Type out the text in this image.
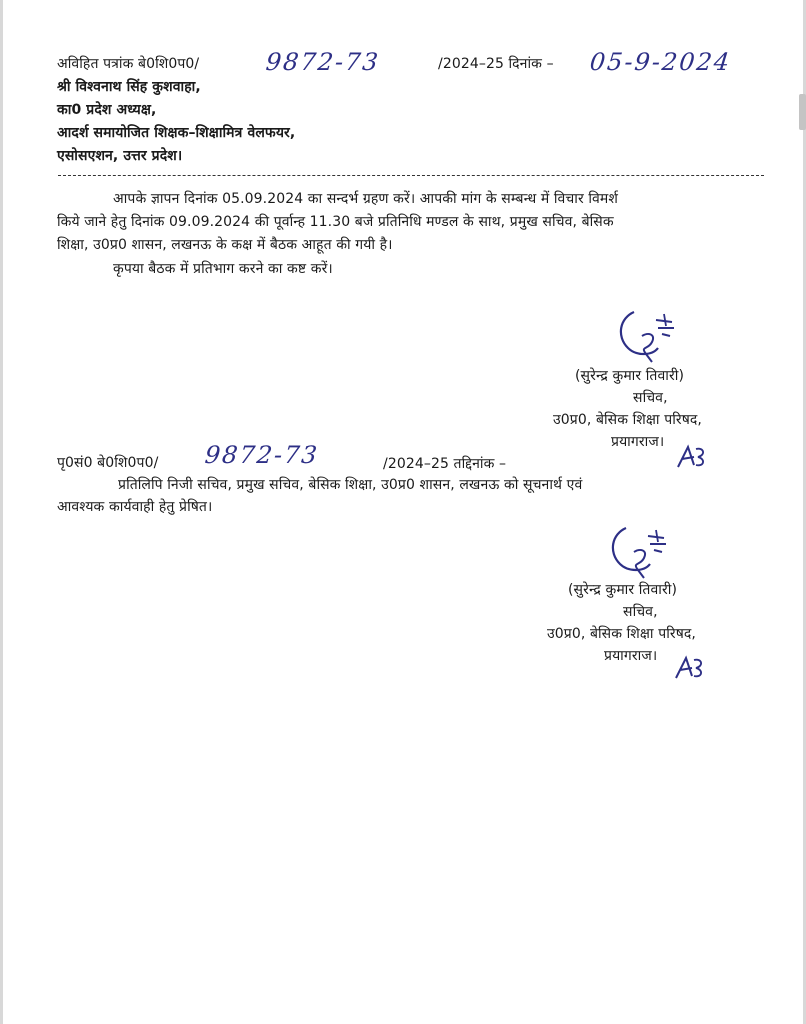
अविहित पत्रांक बे0शि0प0/	9872-73	/2024–25 दिनांक – 05-9-2024
श्री विश्वनाथ सिंह कुशवाहा,
का0 प्रदेश अध्यक्ष,
आदर्श समायोजित शिक्षक–शिक्षामित्र वेलफयर,
एसोसएशन, उत्तर प्रदेश।
आपके ज्ञापन दिनांक 05.09.2024 का सन्दर्भ ग्रहण करें। आपकी मांग के सम्बन्ध में विचार विमर्श
किये जाने हेतु दिनांक 09.09.2024 की पूर्वान्ह 11.30 बजे प्रतिनिधि मण्डल के साथ, प्रमुख सचिव, बेसिक
शिक्षा, उ0प्र0 शासन, लखनऊ के कक्ष में बैठक आहूत की गयी है।
कृपया बैठक में प्रतिभाग करने का कष्ट करें।
(सुरेन्द्र कुमार तिवारी)
सचिव,
उ0प्र0, बेसिक शिक्षा परिषद,
प्रयागराज।
पृ0सं0 बे0शि0प0/ 9872-73	/2024–25 तद्दिनांक –
प्रतिलिपि निजी सचिव, प्रमुख सचिव, बेसिक शिक्षा, उ0प्र0 शासन, लखनऊ को सूचनार्थ एवं
आवश्यक कार्यवाही हेतु प्रेषित।
(सुरेन्द्र कुमार तिवारी)
सचिव,
उ0प्र0, बेसिक शिक्षा परिषद,
प्रयागराज।
